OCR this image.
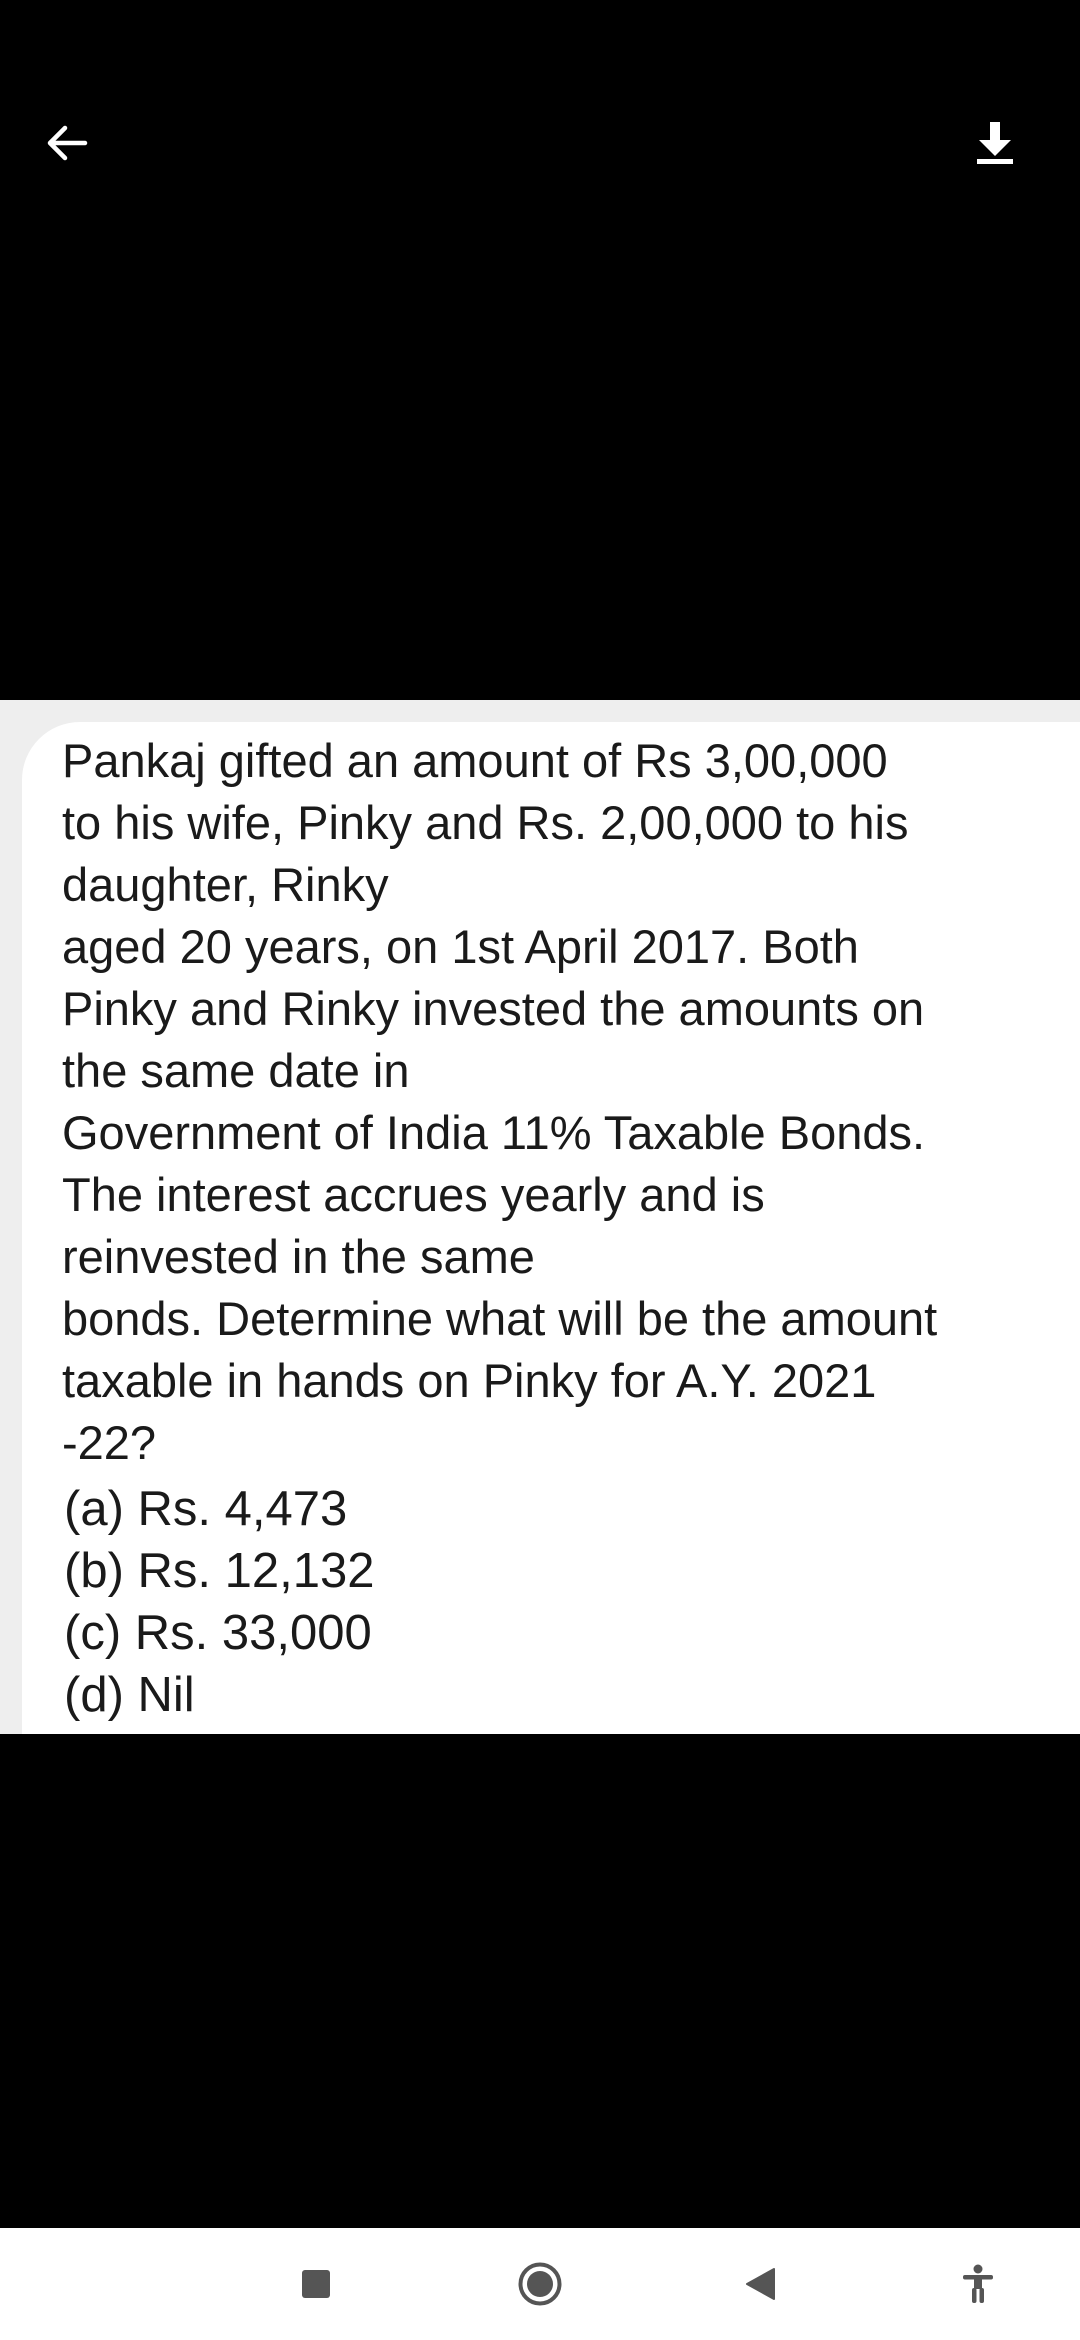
Pankaj gifted an amount of Rs 3,00,000
to his wife, Pinky and Rs. 2,00,000 to his
daughter, Rinky
aged 20 years, on 1st April 2017. Both
Pinky and Rinky invested the amounts on
the same date in
Government of India 11% Taxable Bonds.
The interest accrues yearly and is
reinvested in the same
bonds. Determine what will be the amount
taxable in hands on Pinky for A.Y. 2021
-22?

(a) Rs. 4,473
(b) Rs. 12,132
(c) Rs. 33,000
(d) Nil
